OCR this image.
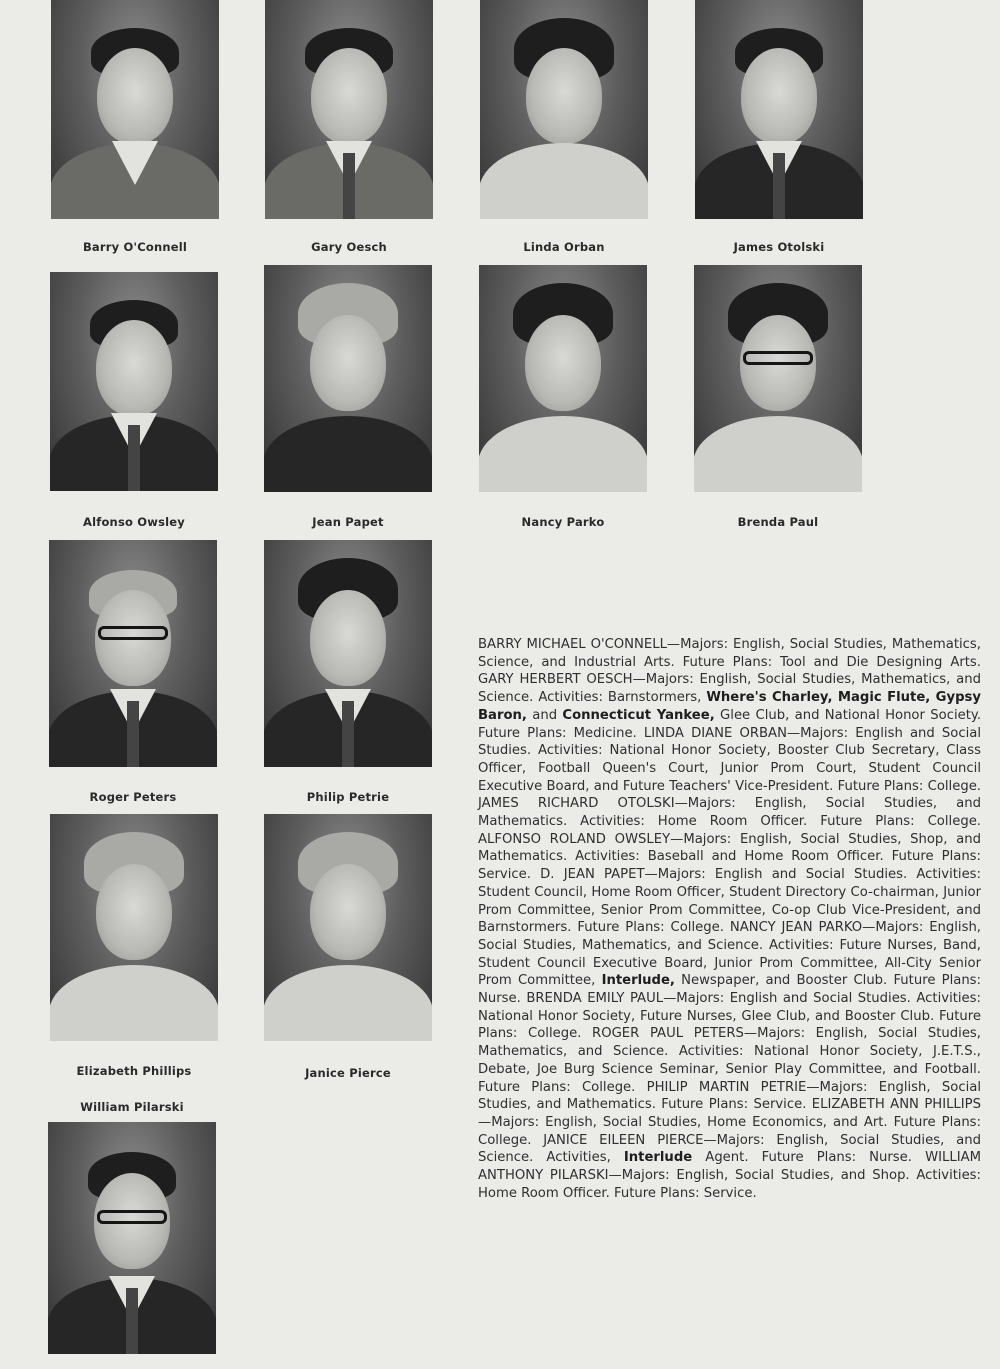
Barry O'Connell	Gary Oesch	Linda Orban	James Otolski
Alfonso Owsley	Jean Papet	Nancy Parko	Brenda Paul
Roger Peters	Philip Petrie
Elizabeth Phillips	Janice Pierce
William Pilarski
BARRY MICHAEL O'CONNELL—Majors: English, Social Studies, Mathematics, Science, and Industrial Arts. Future Plans: Tool and Die Designing Arts. GARY HERBERT OESCH—Majors: English, Social Studies, Mathematics, and Science. Activities: Barnstormers, Where's Charley, Magic Flute, Gypsy Baron, and Connecticut Yankee, Glee Club, and National Honor Society. Future Plans: Medicine. LINDA DIANE ORBAN—Majors: English and Social Studies. Activities: National Honor Society, Booster Club Secretary, Class Officer, Football Queen's Court, Junior Prom Court, Student Council Executive Board, and Future Teachers' Vice-President. Future Plans: College. JAMES RICHARD OTOLSKI—Majors: English, Social Studies, and Mathematics. Activities: Home Room Officer. Future Plans: College. ALFONSO ROLAND OWSLEY—Majors: English, Social Studies, Shop, and Mathematics. Activities: Baseball and Home Room Officer. Future Plans: Service. D. JEAN PAPET—Majors: English and Social Studies. Activities: Student Council, Home Room Officer, Student Directory Co-chairman, Junior Prom Committee, Senior Prom Committee, Co-op Club Vice-President, and Barnstormers. Future Plans: College. NANCY JEAN PARKO—Majors: English, Social Studies, Mathematics, and Science. Activities: Future Nurses, Band, Student Council Executive Board, Junior Prom Committee, All-City Senior Prom Committee, Interlude, Newspaper, and Booster Club. Future Plans: Nurse. BRENDA EMILY PAUL—Majors: English and Social Studies. Activities: National Honor Society, Future Nurses, Glee Club, and Booster Club. Future Plans: College. ROGER PAUL PETERS—Majors: English, Social Studies, Mathematics, and Science. Activities: National Honor Society, J.E.T.S., Debate, Joe Burg Science Seminar, Senior Play Committee, and Football. Future Plans: College. PHILIP MARTIN PETRIE—Majors: English, Social Studies, and Mathematics. Future Plans: Service. ELIZABETH ANN PHILLIPS—Majors: English, Social Studies, Home Economics, and Art. Future Plans: College. JANICE EILEEN PIERCE—Majors: English, Social Studies, and Science. Activities, Interlude Agent. Future Plans: Nurse. WILLIAM ANTHONY PILARSKI—Majors: English, Social Studies, and Shop. Activities: Home Room Officer. Future Plans: Service.
